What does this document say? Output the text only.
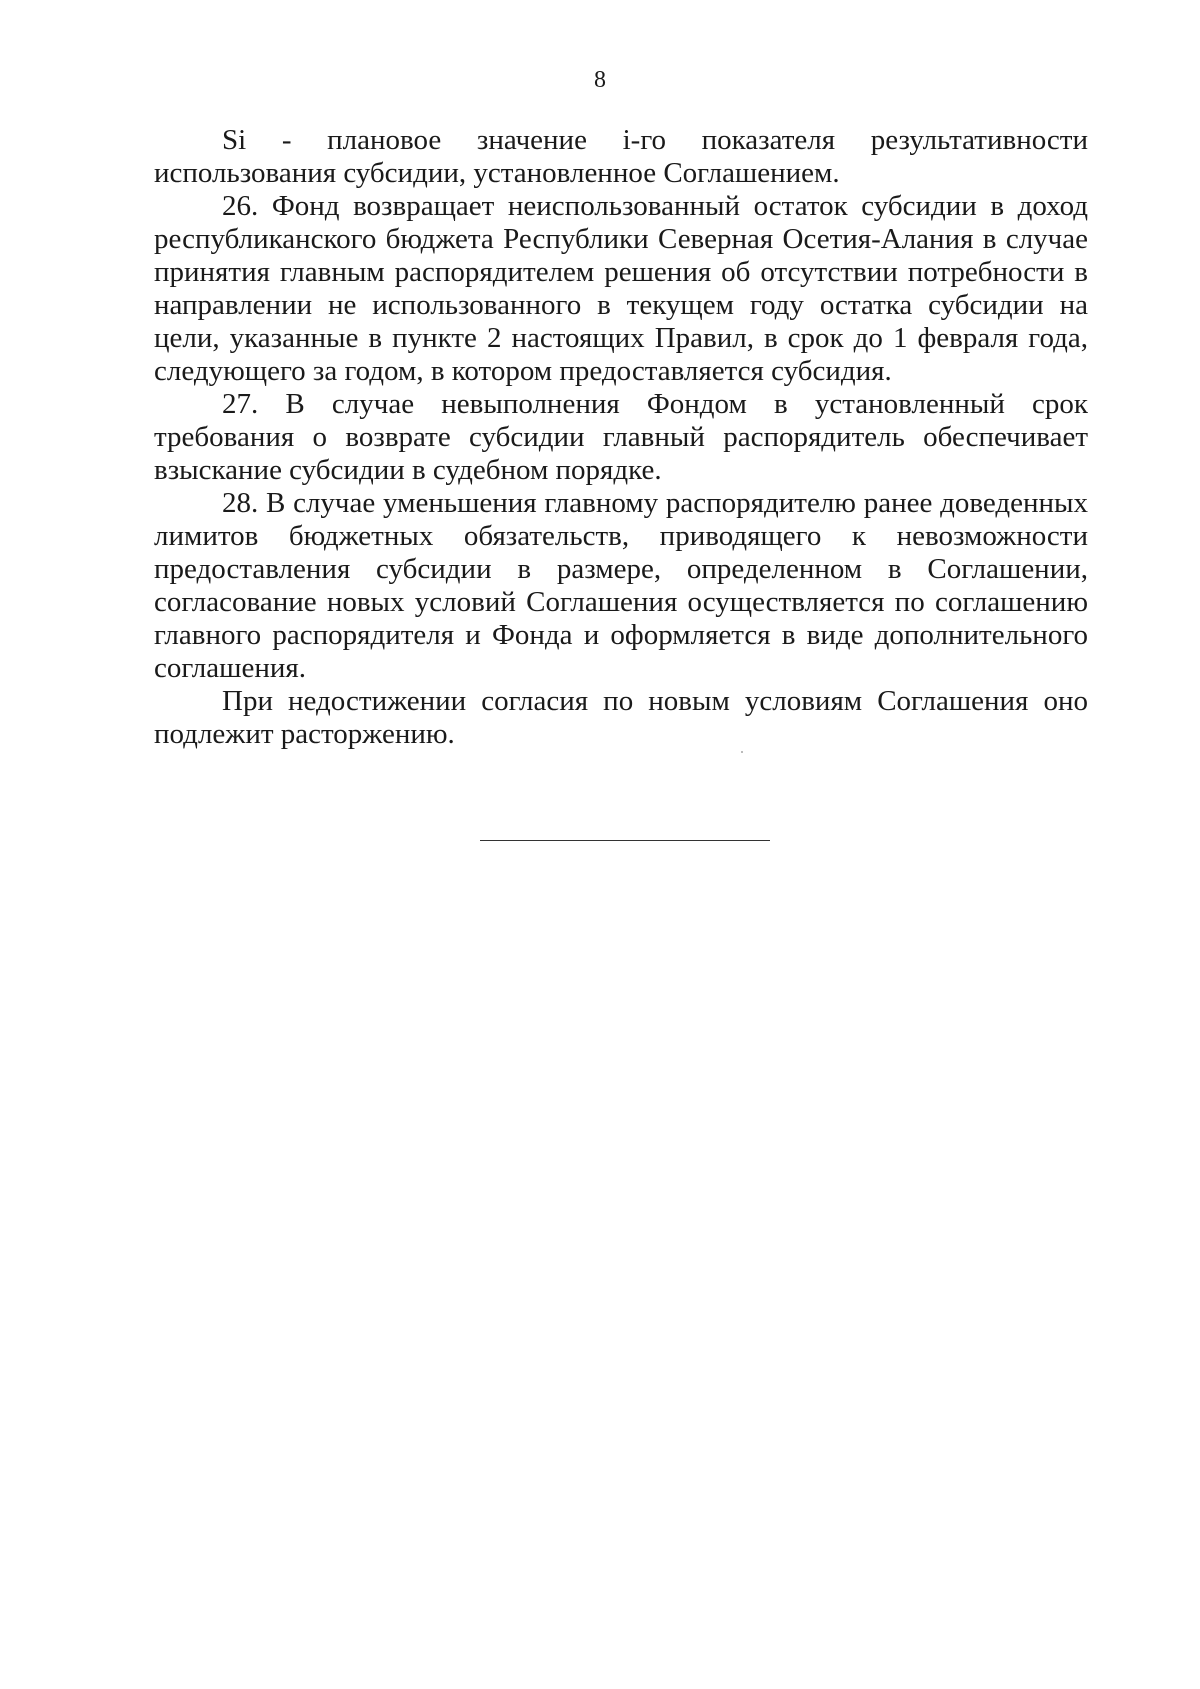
8

Si - плановое значение i-го показателя результативности использования субсидии, установленное Соглашением.

26. Фонд возвращает неиспользованный остаток субсидии в доход республиканского бюджета Республики Северная Осетия-Алания в случае принятия главным распорядителем решения об отсутствии потребности в направлении не использованного в текущем году остатка субсидии на цели, указанные в пункте 2 настоящих Правил, в срок до 1 февраля года, следующего за годом, в котором предоставляется субсидия.

27. В случае невыполнения Фондом в установленный срок требования о возврате субсидии главный распорядитель обеспечивает взыскание субсидии в судебном порядке.

28. В случае уменьшения главному распорядителю ранее доведенных лимитов бюджетных обязательств, приводящего к невозможности предоставления субсидии в размере, определенном в Соглашении, согласование новых условий Соглашения осуществляется по соглашению главного распорядителя и Фонда и оформляется в виде дополнительного соглашения.

При недостижении согласия по новым условиям Соглашения оно подлежит расторжению.
